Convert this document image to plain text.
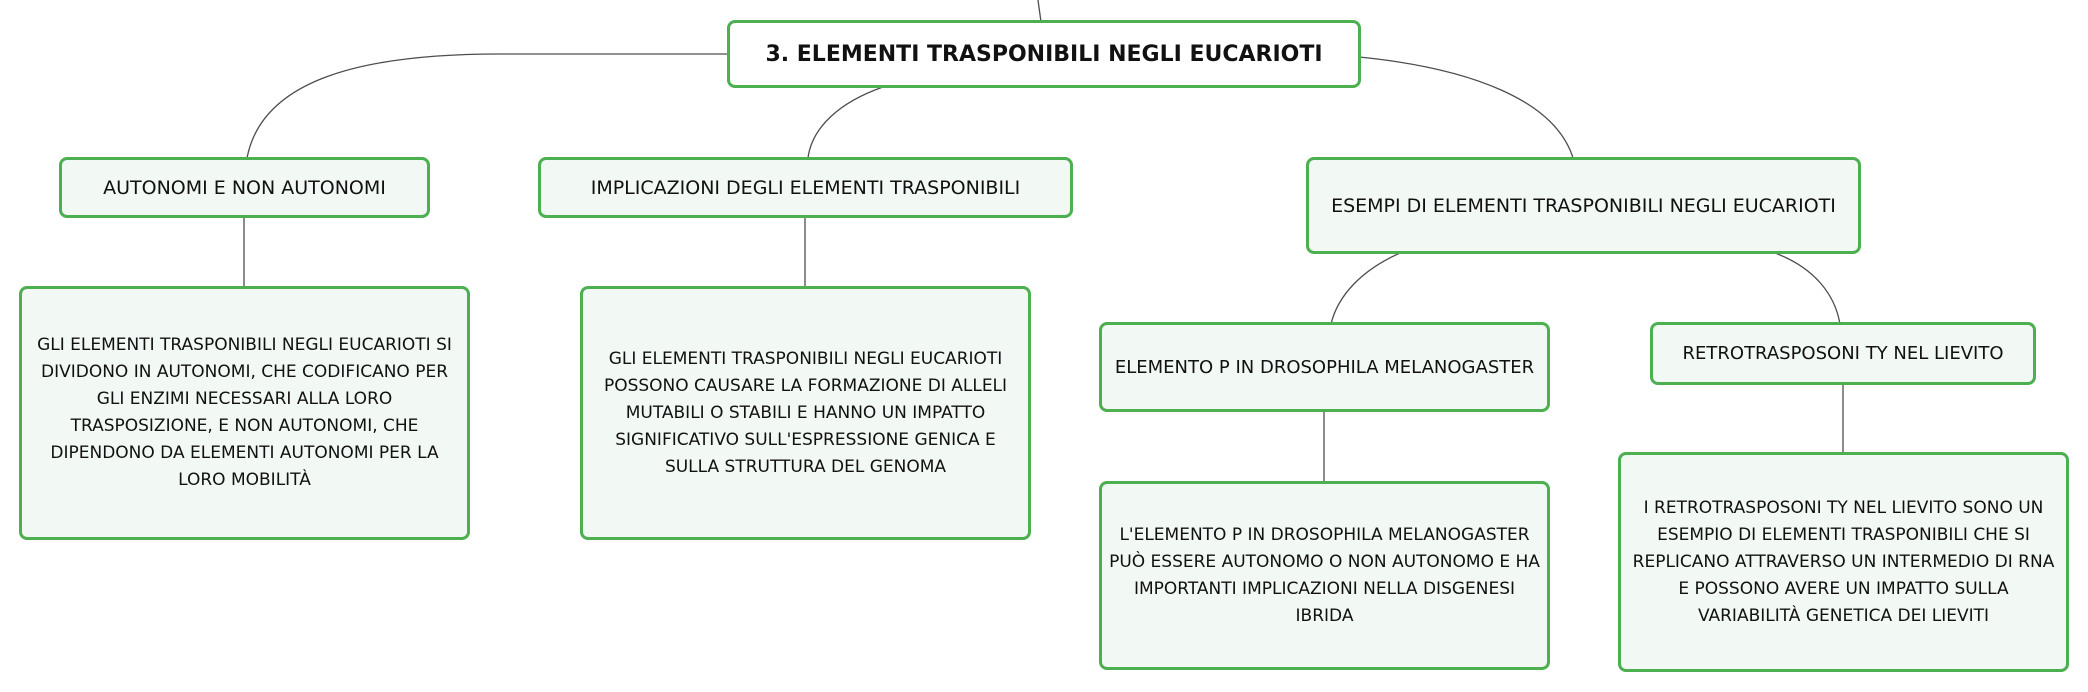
3. ELEMENTI TRASPONIBILI NEGLI EUCARIOTI
AUTONOMI E NON AUTONOMI
GLI ELEMENTI TRASPONIBILI NEGLI EUCARIOTI SI DIVIDONO IN AUTONOMI, CHE CODIFICANO PER GLI ENZIMI NECESSARI ALLA LORO TRASPOSIZIONE, E NON AUTONOMI, CHE DIPENDONO DA ELEMENTI AUTONOMI PER LA LORO MOBILITÀ
IMPLICAZIONI DEGLI ELEMENTI TRASPONIBILI
GLI ELEMENTI TRASPONIBILI NEGLI EUCARIOTI POSSONO CAUSARE LA FORMAZIONE DI ALLELI MUTABILI O STABILI E HANNO UN IMPATTO SIGNIFICATIVO SULL'ESPRESSIONE GENICA E SULLA STRUTTURA DEL GENOMA
ESEMPI DI ELEMENTI TRASPONIBILI NEGLI EUCARIOTI
ELEMENTO P IN DROSOPHILA MELANOGASTER
L'ELEMENTO P IN DROSOPHILA MELANOGASTER PUÒ ESSERE AUTONOMO O NON AUTONOMO E HA IMPORTANTI IMPLICAZIONI NELLA DISGENESI IBRIDA
RETROTRASPOSONI TY NEL LIEVITO
I RETROTRASPOSONI TY NEL LIEVITO SONO UN ESEMPIO DI ELEMENTI TRASPONIBILI CHE SI REPLICANO ATTRAVERSO UN INTERMEDIO DI RNA E POSSONO AVERE UN IMPATTO SULLA VARIABILITÀ GENETICA DEI LIEVITI
